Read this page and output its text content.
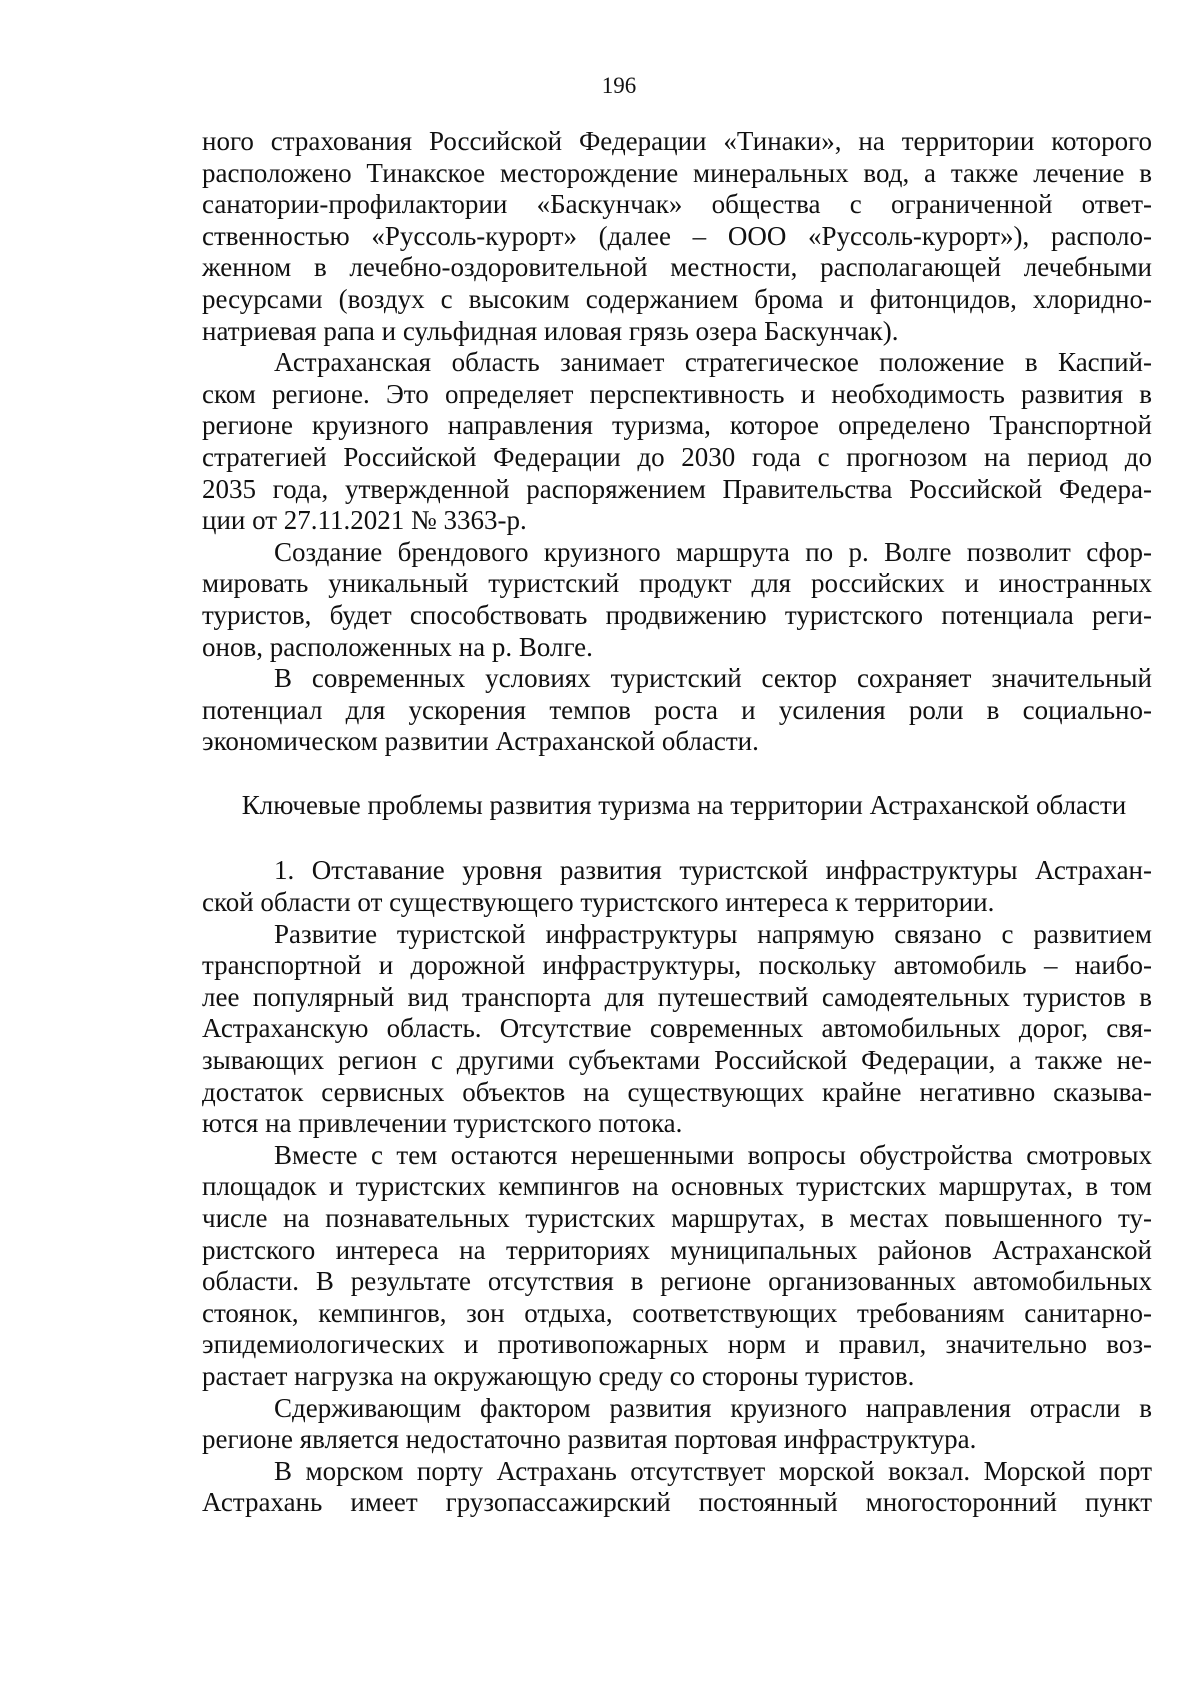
196
ного страхования Российской Федерации «Тинаки», на территории которого
расположено Тинакское месторождение минеральных вод, а также лечение в
санатории-профилактории «Баскунчак» общества с ограниченной ответ-
ственностью «Руссоль-курорт» (далее – ООО «Руссоль-курорт»), располо-
женном в лечебно-оздоровительной местности, располагающей лечебными
ресурсами (воздух с высоким содержанием брома и фитонцидов, хлоридно-
натриевая рапа и сульфидная иловая грязь озера Баскунчак).
Астраханская область занимает стратегическое положение в Каспий-
ском регионе. Это определяет перспективность и необходимость развития в
регионе круизного направления туризма, которое определено Транспортной
стратегией Российской Федерации до 2030 года с прогнозом на период до
2035 года, утвержденной распоряжением Правительства Российской Федера-
ции от 27.11.2021 № 3363-р.
Создание брендового круизного маршрута по р. Волге позволит сфор-
мировать уникальный туристский продукт для российских и иностранных
туристов, будет способствовать продвижению туристского потенциала реги-
онов, расположенных на р. Волге.
В современных условиях туристский сектор сохраняет значительный
потенциал для ускорения темпов роста и усиления роли в социально-
экономическом развитии Астраханской области.
Ключевые проблемы развития туризма на территории Астраханской области
1. Отставание уровня развития туристской инфраструктуры Астрахан-
ской области от существующего туристского интереса к территории.
Развитие туристской инфраструктуры напрямую связано с развитием
транспортной и дорожной инфраструктуры, поскольку автомобиль – наибо-
лее популярный вид транспорта для путешествий самодеятельных туристов в
Астраханскую область. Отсутствие современных автомобильных дорог, свя-
зывающих регион с другими субъектами Российской Федерации, а также не-
достаток сервисных объектов на существующих крайне негативно сказыва-
ются на привлечении туристского потока.
Вместе с тем остаются нерешенными вопросы обустройства смотровых
площадок и туристских кемпингов на основных туристских маршрутах, в том
числе на познавательных туристских маршрутах, в местах повышенного ту-
ристского интереса на территориях муниципальных районов Астраханской
области. В результате отсутствия в регионе организованных автомобильных
стоянок, кемпингов, зон отдыха, соответствующих требованиям санитарно-
эпидемиологических и противопожарных норм и правил, значительно воз-
растает нагрузка на окружающую среду со стороны туристов.
Сдерживающим фактором развития круизного направления отрасли в
регионе является недостаточно развитая портовая инфраструктура.
В морском порту Астрахань отсутствует морской вокзал. Морской порт
Астрахань имеет грузопассажирский постоянный многосторонний пункт
